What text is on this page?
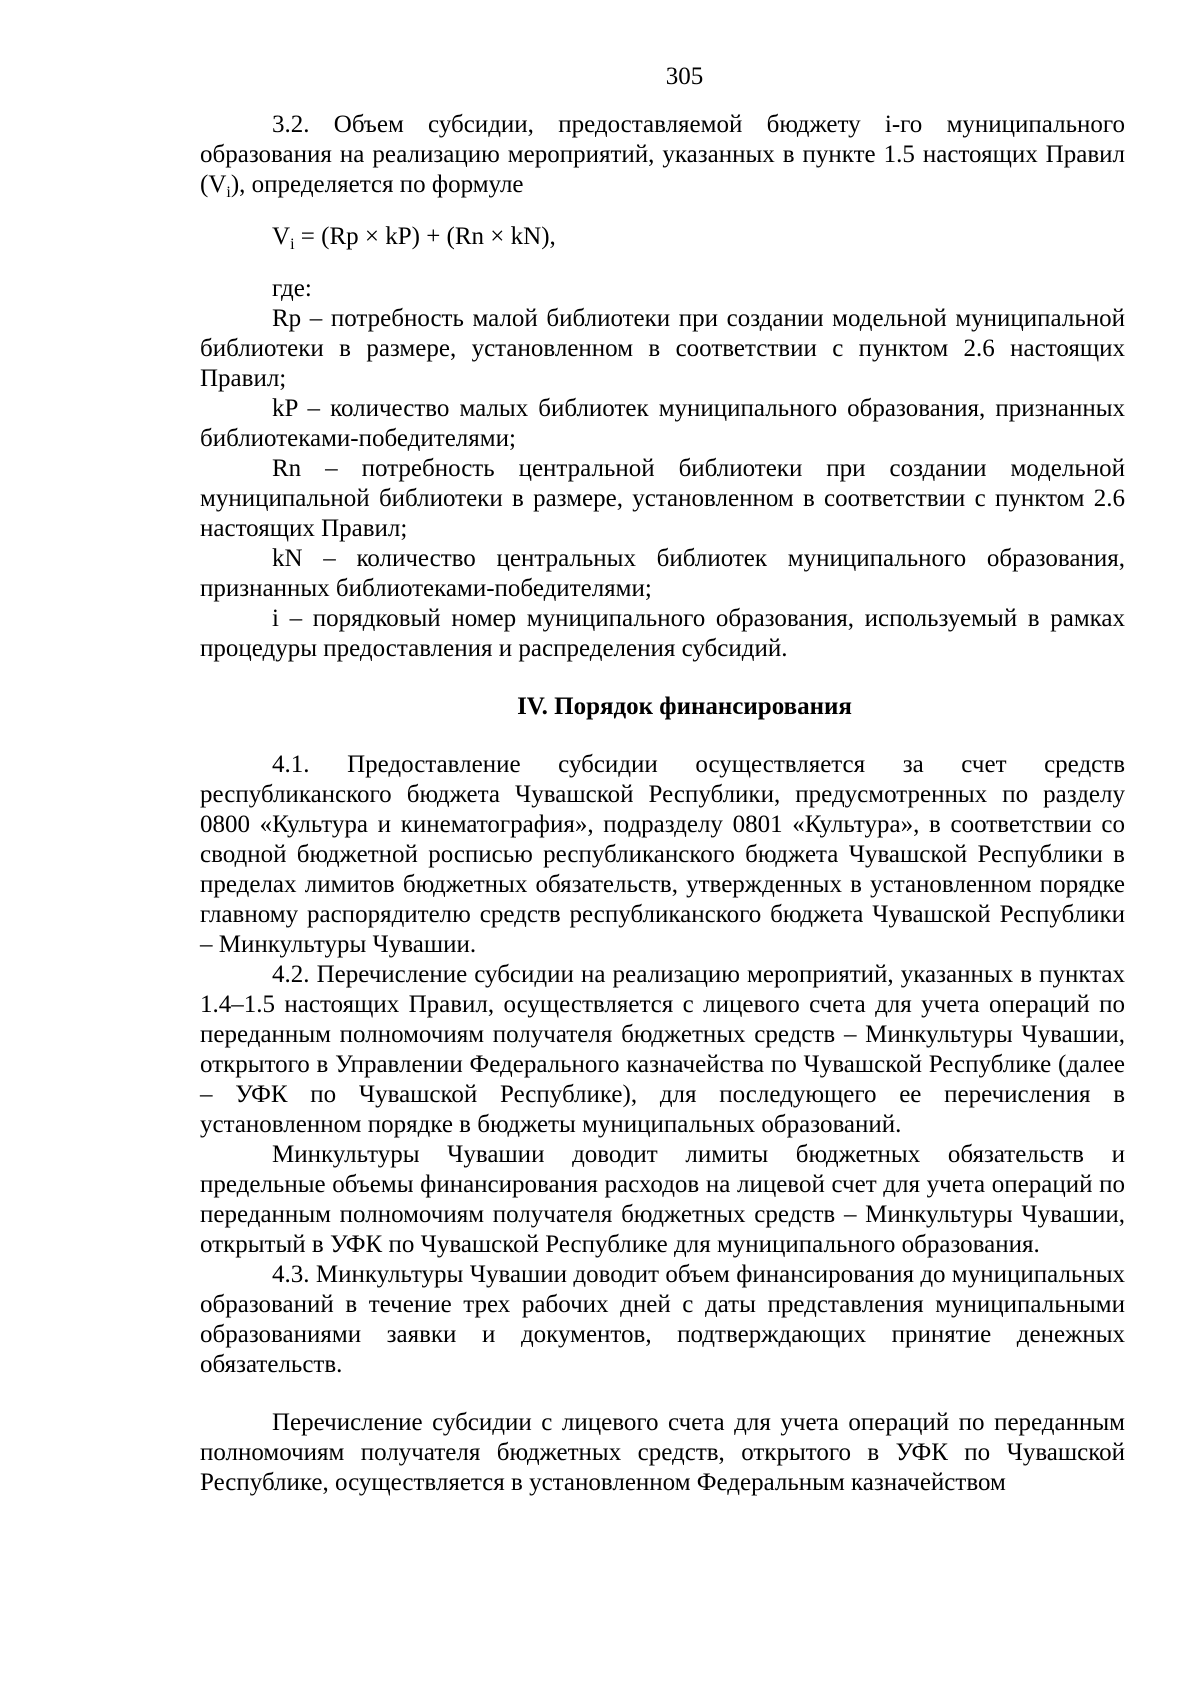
305

3.2. Объем субсидии, предоставляемой бюджету i-го муниципального образования на реализацию мероприятий, указанных в пункте 1.5 настоящих Правил $(V_i)$, определяется по формуле

$V_i = (Rp \times kP) + (Rn \times kN)$,

где:

Rp – потребность малой библиотеки при создании модельной муниципальной библиотеки в размере, установленном в соответствии с пунктом 2.6 настоящих Правил;

kP – количество малых библиотек муниципального образования, признанных библиотеками-победителями;

Rn – потребность центральной библиотеки при создании модельной муниципальной библиотеки в размере, установленном в соответствии с пунктом 2.6 настоящих Правил;

kN – количество центральных библиотек муниципального образования, признанных библиотеками-победителями;

i – порядковый номер муниципального образования, используемый в рамках процедуры предоставления и распределения субсидий.

IV. Порядок финансирования

4.1. Предоставление субсидии осуществляется за счет средств республиканского бюджета Чувашской Республики, предусмотренных по разделу 0800 «Культура и кинематография», подразделу 0801 «Культура», в соответствии со сводной бюджетной росписью республиканского бюджета Чувашской Республики в пределах лимитов бюджетных обязательств, утвержденных в установленном порядке главному распорядителю средств республиканского бюджета Чувашской Республики – Минкультуры Чувашии.

4.2. Перечисление субсидии на реализацию мероприятий, указанных в пунктах 1.4–1.5 настоящих Правил, осуществляется с лицевого счета для учета операций по переданным полномочиям получателя бюджетных средств – Минкультуры Чувашии, открытого в Управлении Федерального казначейства по Чувашской Республике (далее – УФК по Чувашской Республике), для последующего ее перечисления в установленном порядке в бюджеты муниципальных образований.

Минкультуры Чувашии доводит лимиты бюджетных обязательств и предельные объемы финансирования расходов на лицевой счет для учета операций по переданным полномочиям получателя бюджетных средств – Минкультуры Чувашии, открытый в УФК по Чувашской Республике для муниципального образования.

4.3. Минкультуры Чувашии доводит объем финансирования до муниципальных образований в течение трех рабочих дней с даты представления муниципальными образованиями заявки и документов, подтверждающих принятие денежных обязательств.

Перечисление субсидии с лицевого счета для учета операций по переданным полномочиям получателя бюджетных средств, открытого в УФК по Чувашской Республике, осуществляется в установленном Федеральным казначейством
